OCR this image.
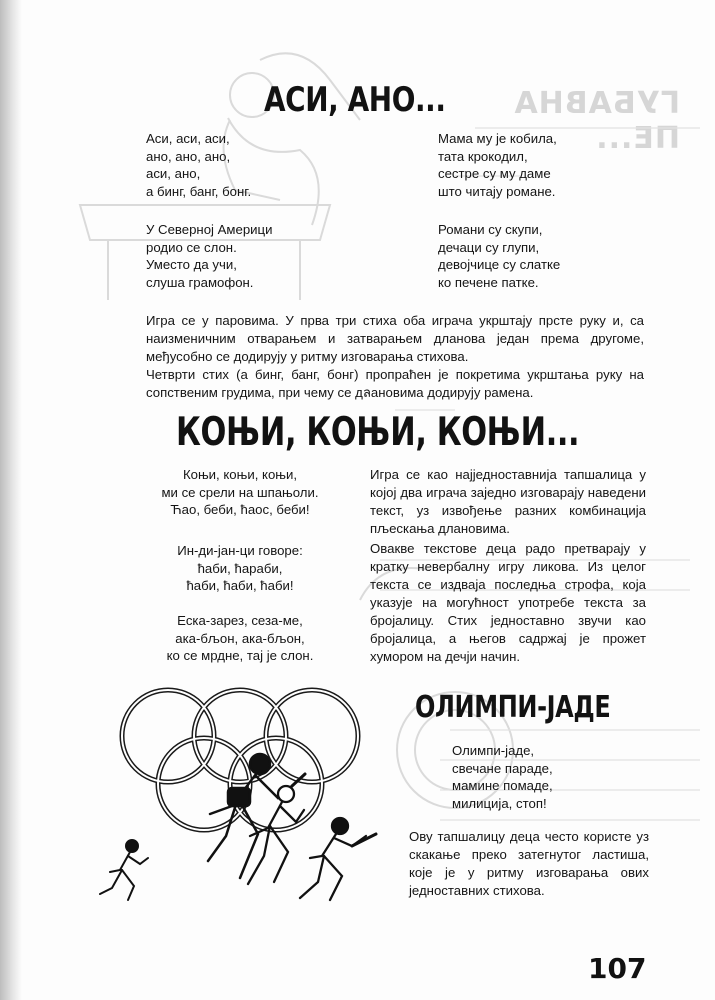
ГУБАВНА ПЕ...
АСИ, АНО...
Аси, аси, аси,
ано, ано, ано,
аси, ано,
а бинг, банг, бонг.
У Северној Америци
родио се слон.
Уместо да учи,
слуша грамофон.
Мама му је кобила,
тата крокодил,
сестре су му даме
што читају романе.
Романи су скупи,
дечаци су глупи,
девојчице су слатке
ко печене патке.

Игра се у паровима. У прва три стиха оба играча укрштају прсте руку и, са наизменичним отварањем и затварањем дланова један према другоме, међусобно се додирују у ритму изговарања стихова.

Четврти стих (а бинг, банг, бонг) пропраћен је покретима укрштања руку на сопственим грудима, при чему се дลановима додирују рамена.

КОЊИ, КОЊИ, КОЊИ...
Коњи, коњи, коњи,
ми се срели на шпањоли.
Ћао, беби, ћаос, беби!
Ин-ди-јан-ци говоре:
ћаби, ћараби,
ћаби, ћаби, ћаби!
Еска-зарез, сеза-ме,
ака-бљон, ака-бљон,
ко се мрдне, тај је слон.

Игра се као најједноставнија тапшалица у којој два играча заједно изговарају наведени текст, уз извођење разних комбинација пљескања длановима.

Овакве текстове деца радо претварају у кратку невербалну игру ликова. Из целог текста се издваја последња строфа, која указује на могућност употребе текста за бројалицу. Стих једноставно звучи као бројалица, а његов садржај је прожет хумором на дечји начин.

ОЛИМПИ-ЈАДЕ
Олимпи-јаде,
свечане параде,
мамине помаде,
милиција, стоп!

Ову тапшалицу деца често користе уз скакање преко затегнутог ластиша, које је у ритму изговарања ових једноставних стихова.

107
